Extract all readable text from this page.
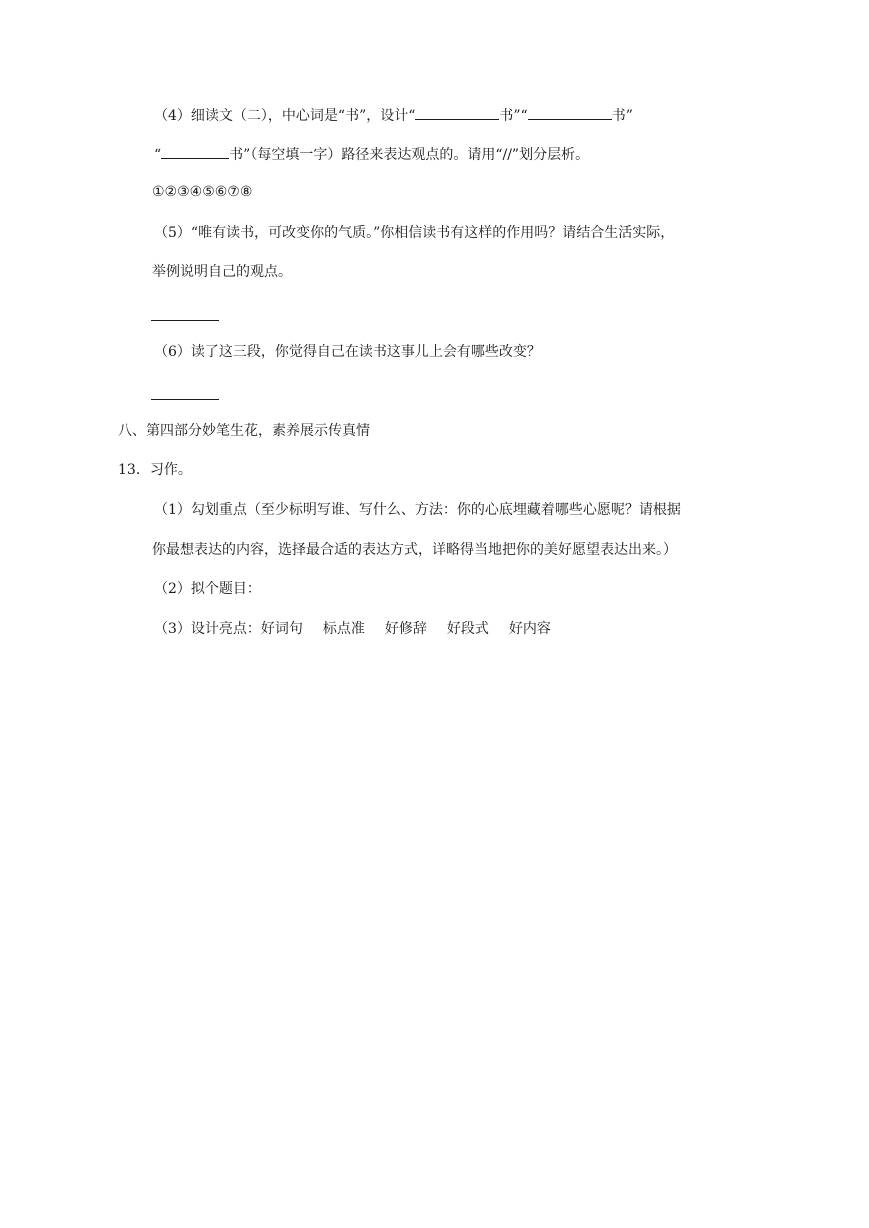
（4）细读文（二），中心词是“书”，设计“	书”“	书”
“	书”（每空填一字）路径来表达观点的。请用“//”划分层析。
①②③④⑤⑥⑦⑧
（5）“唯有读书，可改变你的气质。”你相信读书有这样的作用吗？请结合生活实际，
举例说明自己的观点。
（6）读了这三段，你觉得自己在读书这事儿上会有哪些改变？
八、第四部分妙笔生花，素养展示传真情
13．习作。
（1）勾划重点（至少标明写谁、写什么、方法：你的心底埋藏着哪些心愿呢？请根据
你最想表达的内容，选择最合适的表达方式，详略得当地把你的美好愿望表达出来。）
（2）拟个题目：
（3）设计亮点：好词句 标点准 好修辞 好段式 好内容
